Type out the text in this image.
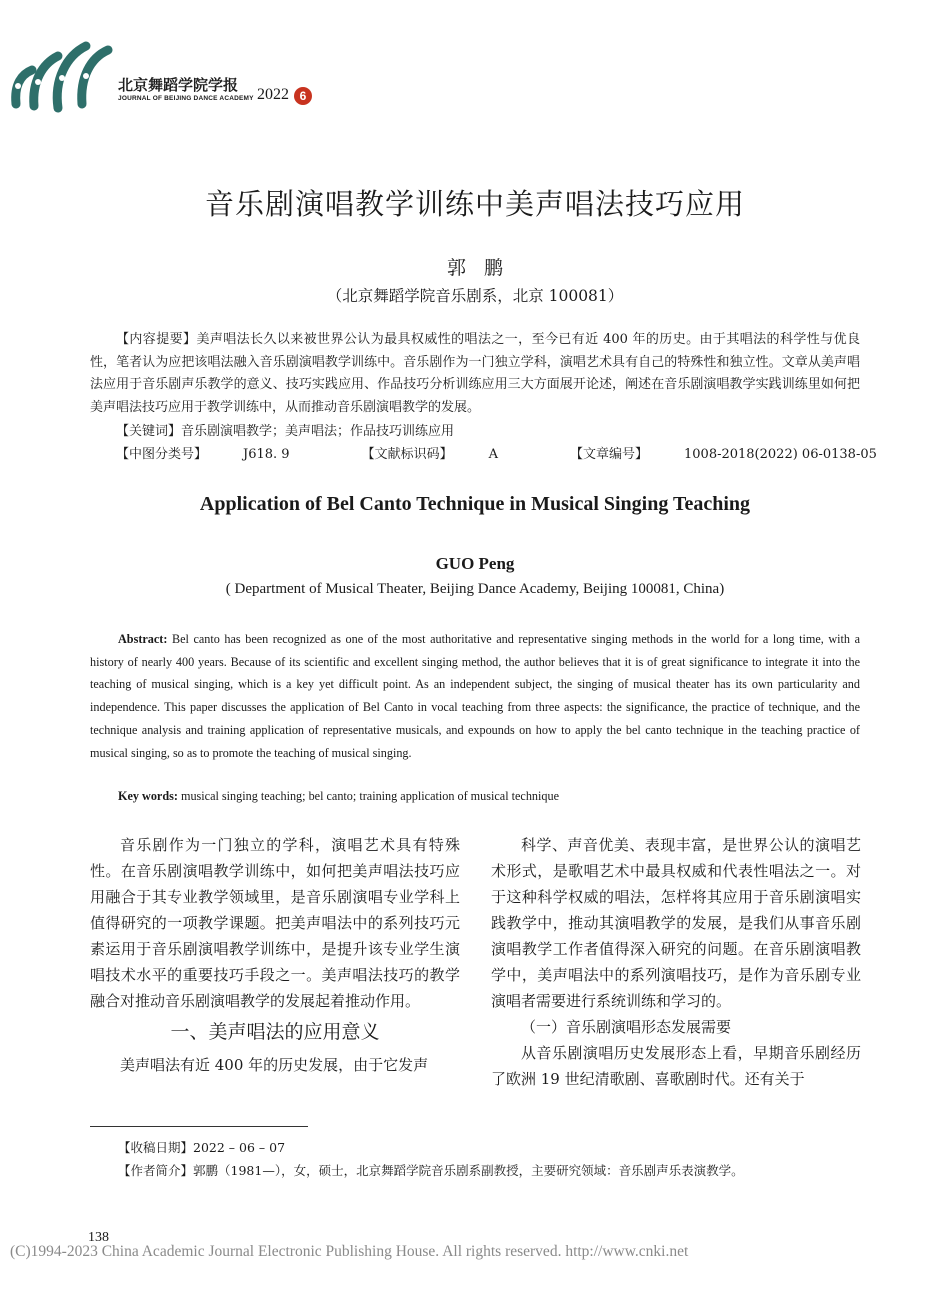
北京舞蹈学院学报
JOURNAL OF BEIJING DANCE ACADEMY 2022 6
音乐剧演唱教学训练中美声唱法技巧应用
郭鹏
（北京舞蹈学院音乐剧系，北京 100081）

【内容提要】美声唱法长久以来被世界公认为最具权威性的唱法之一，至今已有近 400 年的历史。由于其唱法的科学性与优良性，笔者认为应把该唱法融入音乐剧演唱教学训练中。音乐剧作为一门独立学科，演唱艺术具有自己的特殊性和独立性。文章从美声唱法应用于音乐剧声乐教学的意义、技巧实践应用、作品技巧分析训练应用三大方面展开论述，阐述在音乐剧演唱教学实践训练里如何把美声唱法技巧应用于教学训练中，从而推动音乐剧演唱教学的发展。

【关键词】音乐剧演唱教学；美声唱法；作品技巧训练应用

【中图分类号】	J618. 9	【文献标识码】	A	【文章编号】	1008-2018(2022) 06-0138-05

Application of Bel Canto Technique in Musical Singing Teaching
GUO Peng
( Department of Musical Theater, Beijing Dance Academy, Beijing 100081, China)

Abstract: Bel canto has been recognized as one of the most authoritative and representative singing methods in the world for a long time, with a history of nearly 400 years. Because of its scientific and excellent singing method, the author believes that it is of great significance to integrate it into the teaching of musical singing, which is a key yet difficult point. As an independent subject, the singing of musical theater has its own particularity and independence. This paper discusses the application of Bel Canto in vocal teaching from three aspects: the significance, the practice of technique, and the technique analysis and training application of representative musicals, and expounds on how to apply the bel canto technique in the teaching practice of musical singing, so as to promote the teaching of musical singing.

Key words: musical singing teaching; bel canto; training application of musical technique

音乐剧作为一门独立的学科，演唱艺术具有特殊性。在音乐剧演唱教学训练中，如何把美声唱法技巧应用融合于其专业教学领域里，是音乐剧演唱专业学科上值得研究的一项教学课题。把美声唱法中的系列技巧元素运用于音乐剧演唱教学训练中，是提升该专业学生演唱技术水平的重要技巧手段之一。美声唱法技巧的教学融合对推动音乐剧演唱教学的发展起着推动作用。

一、美声唱法的应用意义

美声唱法有近 400 年的历史发展，由于它发声

科学、声音优美、表现丰富，是世界公认的演唱艺术形式，是歌唱艺术中最具权威和代表性唱法之一。对于这种科学权威的唱法，怎样将其应用于音乐剧演唱实践教学中，推动其演唱教学的发展，是我们从事音乐剧演唱教学工作者值得深入研究的问题。在音乐剧演唱教学中，美声唱法中的系列演唱技巧，是作为音乐剧专业演唱者需要进行系统训练和学习的。

（一）音乐剧演唱形态发展需要

从音乐剧演唱历史发展形态上看，早期音乐剧经历了欧洲 19 世纪清歌剧、喜歌剧时代。还有关于

【收稿日期】2022 – 06 – 07
【作者简介】郭鹏（1981—），女，硕士，北京舞蹈学院音乐剧系副教授，主要研究领域：音乐剧声乐表演教学。
138
(C)1994-2023 China Academic Journal Electronic Publishing House. All rights reserved. http://www.cnki.net
